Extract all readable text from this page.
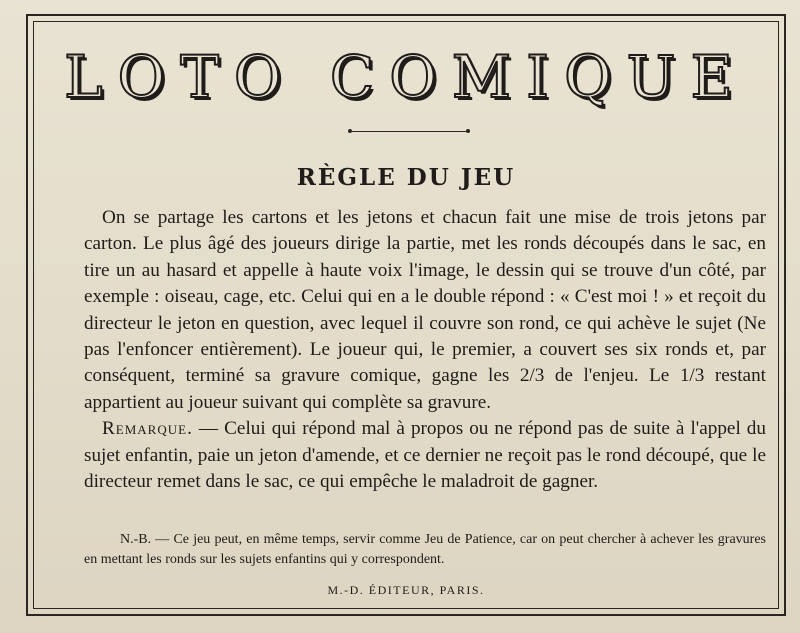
LOTO COMIQUE
RÈGLE DU JEU

On se partage les cartons et les jetons et chacun fait une mise de trois jetons par carton. Le plus âgé des joueurs dirige la partie, met les ronds découpés dans le sac, en tire un au hasard et appelle à haute voix l'image, le dessin qui se trouve d'un côté, par exemple : oiseau, cage, etc. Celui qui en a le double répond : « C'est moi ! » et reçoit du directeur le jeton en question, avec lequel il couvre son rond, ce qui achève le sujet (Ne pas l'enfoncer entièrement). Le joueur qui, le premier, a couvert ses six ronds et, par conséquent, terminé sa gravure comique, gagne les 2/3 de l'enjeu. Le 1/3 restant appartient au joueur suivant qui complète sa gravure.

Remarque. — Celui qui répond mal à propos ou ne répond pas de suite à l'appel du sujet enfantin, paie un jeton d'amende, et ce dernier ne reçoit pas le rond découpé, que le directeur remet dans le sac, ce qui empêche le maladroit de gagner.

N.-B. — Ce jeu peut, en même temps, servir comme Jeu de Patience, car on peut chercher à achever les gravures en mettant les ronds sur les sujets enfantins qui y correspondent.
M.-D. ÉDITEUR, PARIS.
